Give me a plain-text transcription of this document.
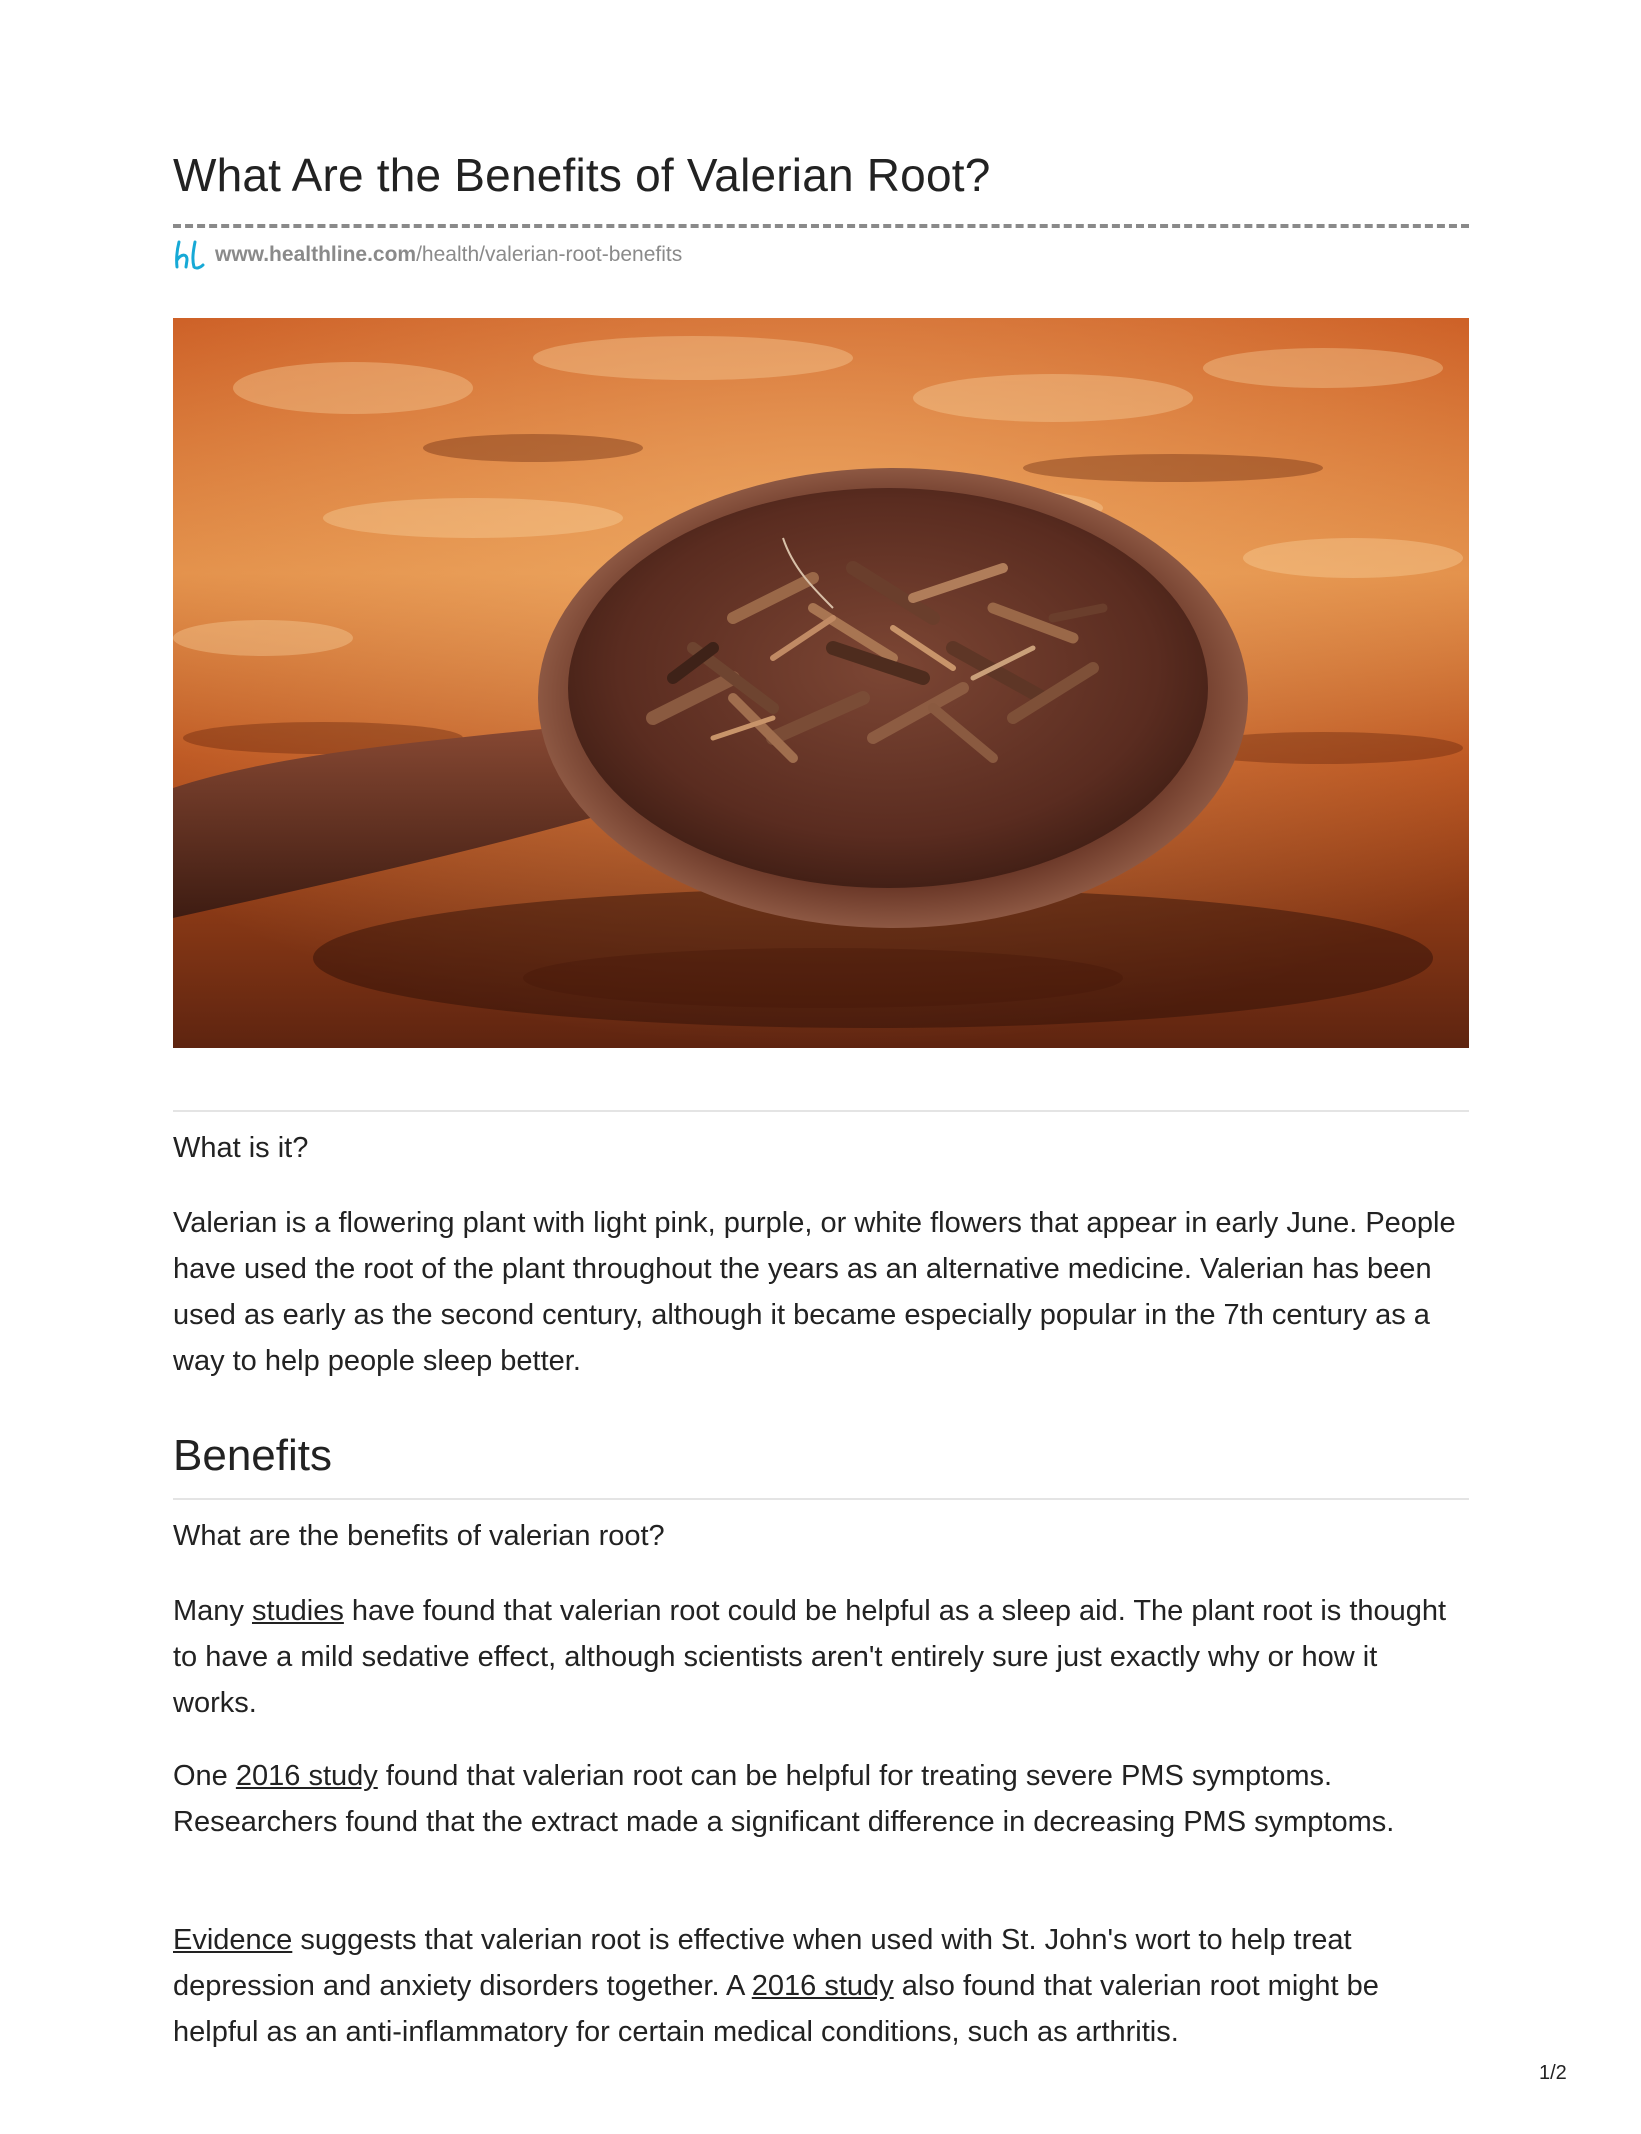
What Are the Benefits of Valerian Root?
www.healthline.com /health/valerian-root-benefits

What is it?

Valerian is a flowering plant with light pink, purple, or white flowers that appear in early June. People have used the root of the plant throughout the years as an alternative medicine. Valerian has been used as early as the second century, although it became especially popular in the 7th century as a way to help people sleep better.

Benefits

What are the benefits of valerian root?

Many studies have found that valerian root could be helpful as a sleep aid. The plant root is thought to have a mild sedative effect, although scientists aren't entirely sure just exactly why or how it works.

One 2016 study found that valerian root can be helpful for treating severe PMS symptoms. Researchers found that the extract made a significant difference in decreasing PMS symptoms.

Evidence suggests that valerian root is effective when used with St. John's wort to help treat depression and anxiety disorders together. A 2016 study also found that valerian root might be helpful as an anti-inflammatory for certain medical conditions, such as arthritis.

1/2
